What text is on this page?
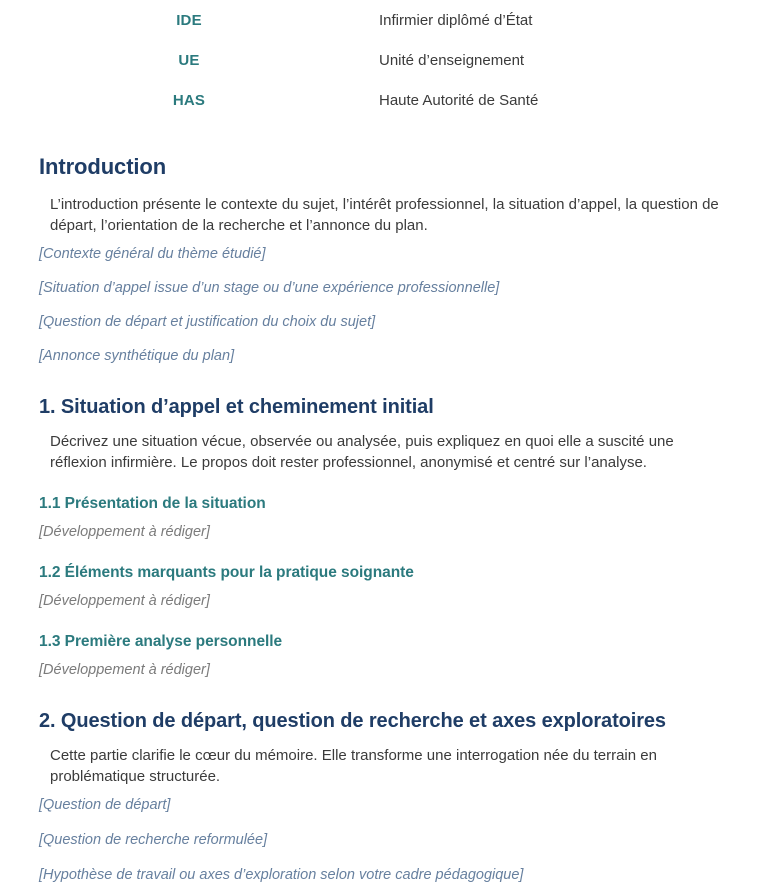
IDE	Infirmier diplômé d’État
UE	Unité d’enseignement
HAS	Haute Autorité de Santé
Introduction

L’introduction présente le contexte du sujet, l’intérêt professionnel, la situation d’appel, la question de départ, l’orientation de la recherche et l’annonce du plan.

[Contexte général du thème étudié]

[Situation d’appel issue d’un stage ou d’une expérience professionnelle]

[Question de départ et justification du choix du sujet]

[Annonce synthétique du plan]

1. Situation d’appel et cheminement initial

Décrivez une situation vécue, observée ou analysée, puis expliquez en quoi elle a suscité une réflexion infirmière. Le propos doit rester professionnel, anonymisé et centré sur l’analyse.

1.1 Présentation de la situation

[Développement à rédiger]

1.2 Éléments marquants pour la pratique soignante

[Développement à rédiger]

1.3 Première analyse personnelle

[Développement à rédiger]

2. Question de départ, question de recherche et axes exploratoires

Cette partie clarifie le cœur du mémoire. Elle transforme une interrogation née du terrain en problématique structurée.

[Question de départ]

[Question de recherche reformulée]

[Hypothèse de travail ou axes d’exploration selon votre cadre pédagogique]
